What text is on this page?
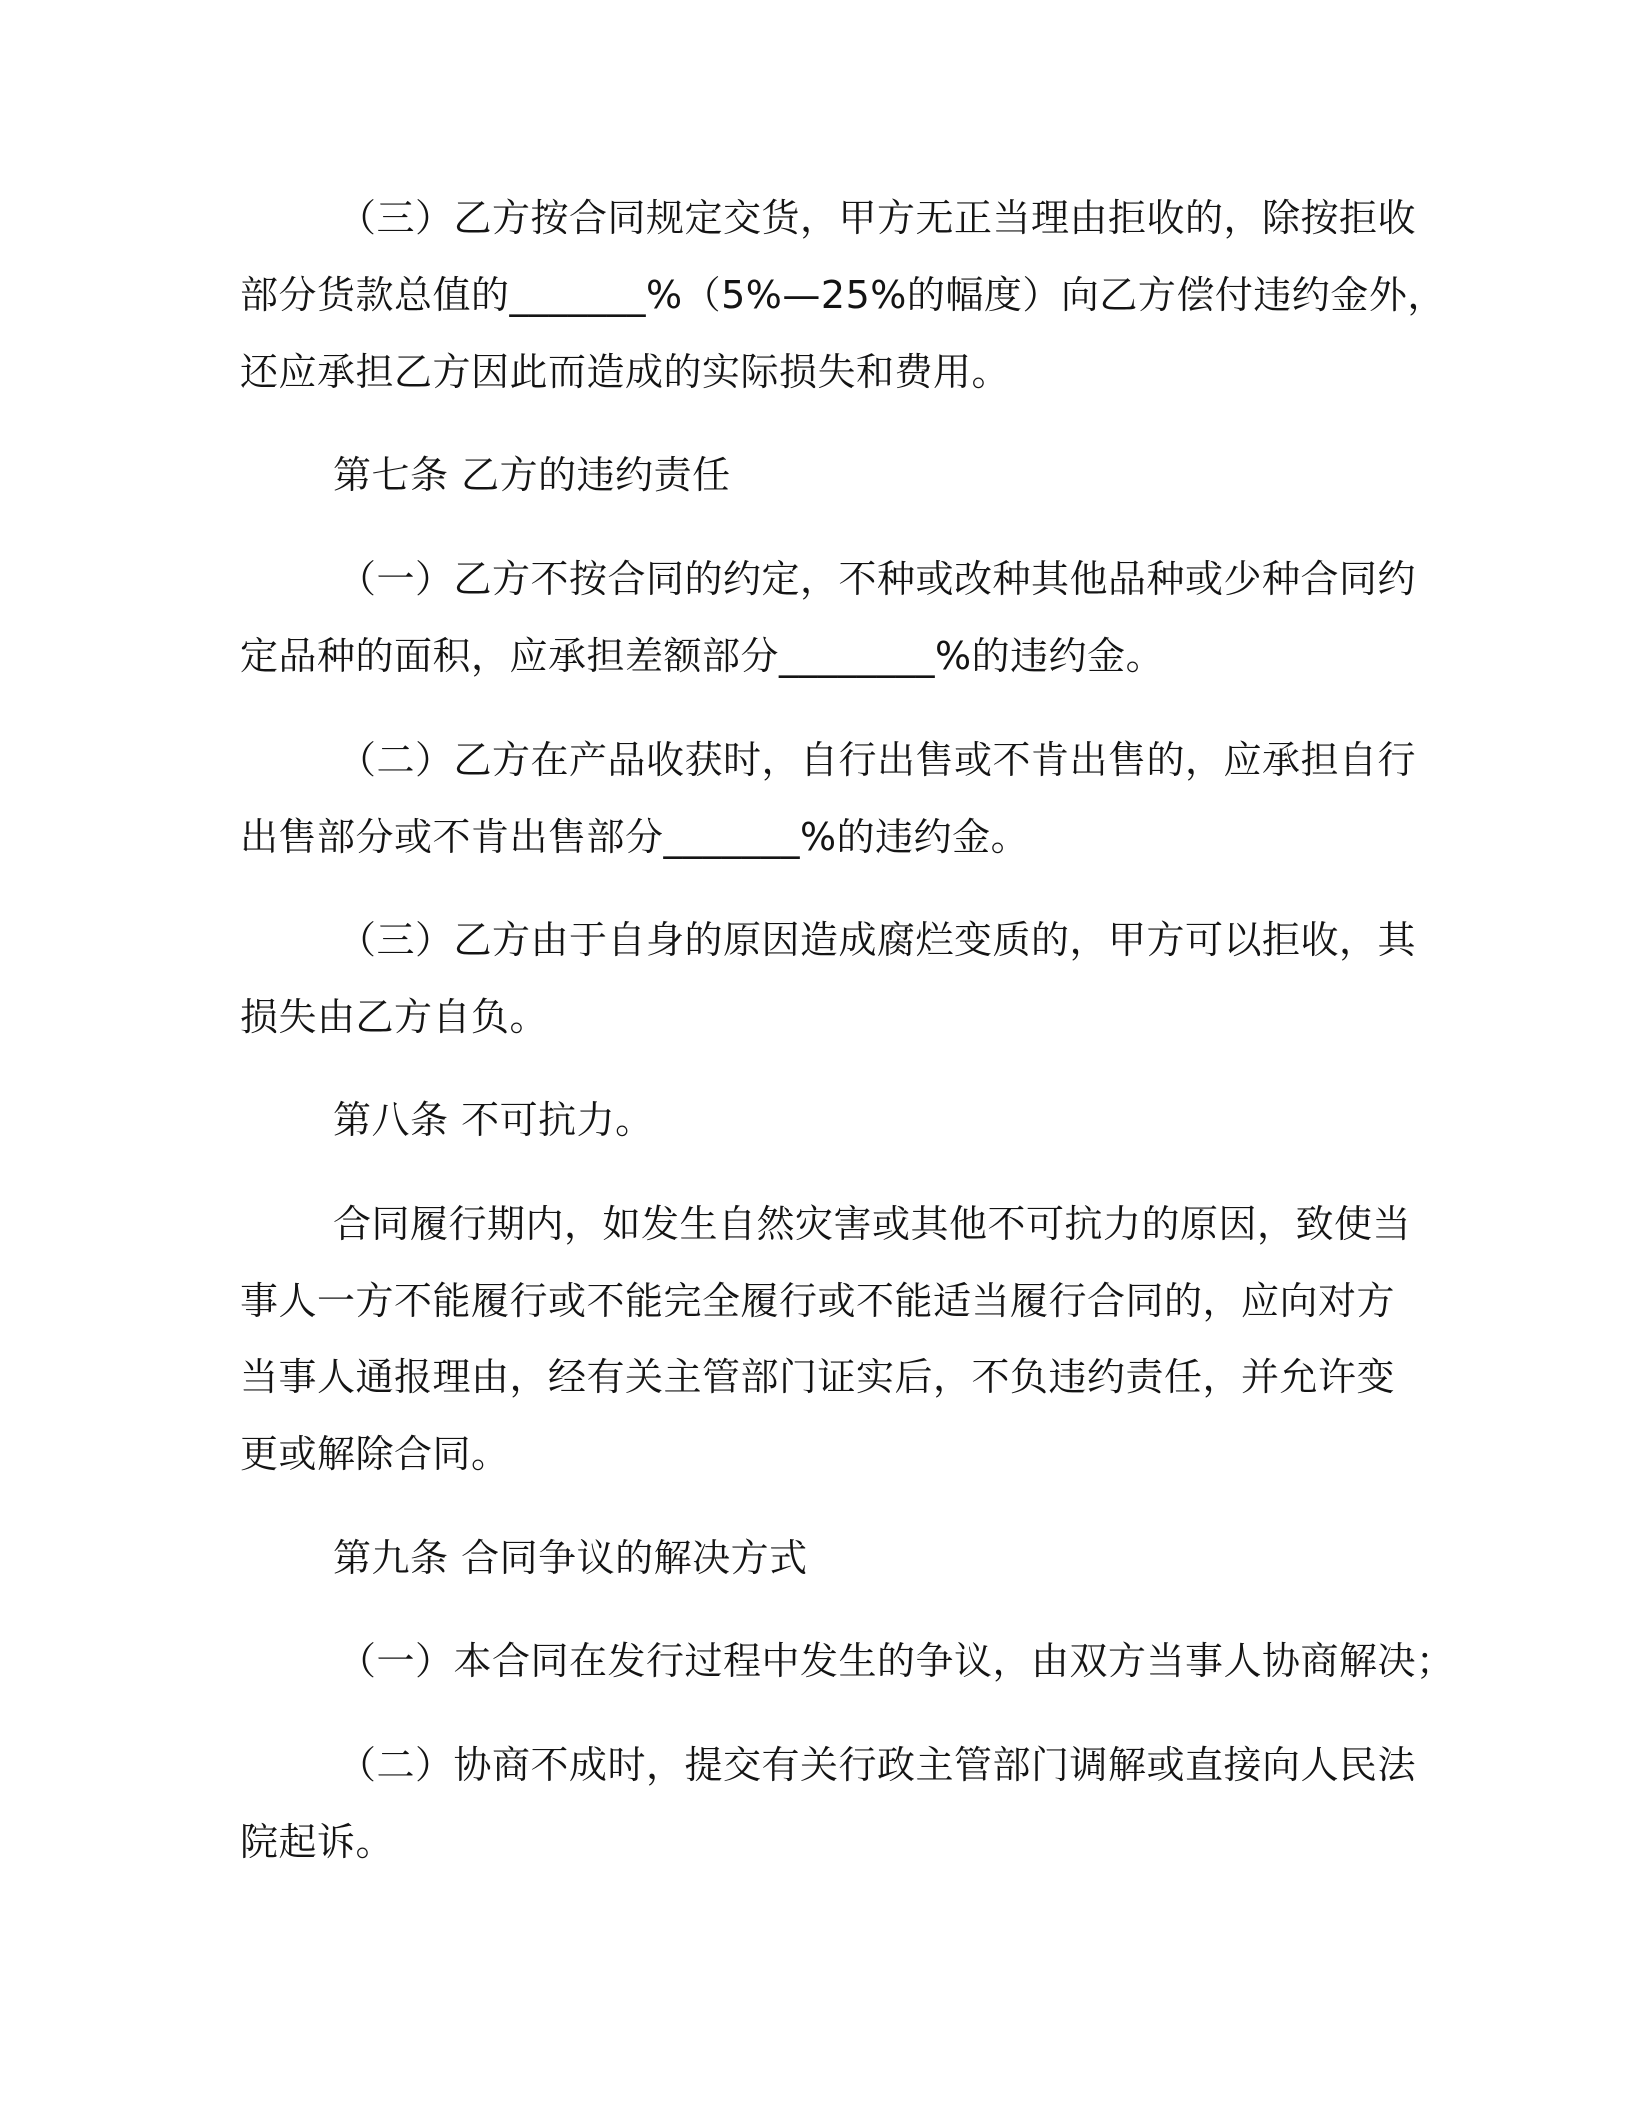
（三）乙方按合同规定交货，甲方无正当理由拒收的，除按拒收
部分货款总值的_______%（5%—25%的幅度）向乙方偿付违约金外，
还应承担乙方因此而造成的实际损失和费用。
第七条 乙方的违约责任
（一）乙方不按合同的约定，不种或改种其他品种或少种合同约
定品种的面积，应承担差额部分________%的违约金。
（二）乙方在产品收获时，自行出售或不肯出售的，应承担自行
出售部分或不肯出售部分_______%的违约金。
（三）乙方由于自身的原因造成腐烂变质的，甲方可以拒收，其
损失由乙方自负。
第八条 不可抗力。
合同履行期内，如发生自然灾害或其他不可抗力的原因，致使当
事人一方不能履行或不能完全履行或不能适当履行合同的，应向对方
当事人通报理由，经有关主管部门证实后，不负违约责任，并允许变
更或解除合同。
第九条 合同争议的解决方式
（一）本合同在发行过程中发生的争议，由双方当事人协商解决；
（二）协商不成时，提交有关行政主管部门调解或直接向人民法
院起诉。
